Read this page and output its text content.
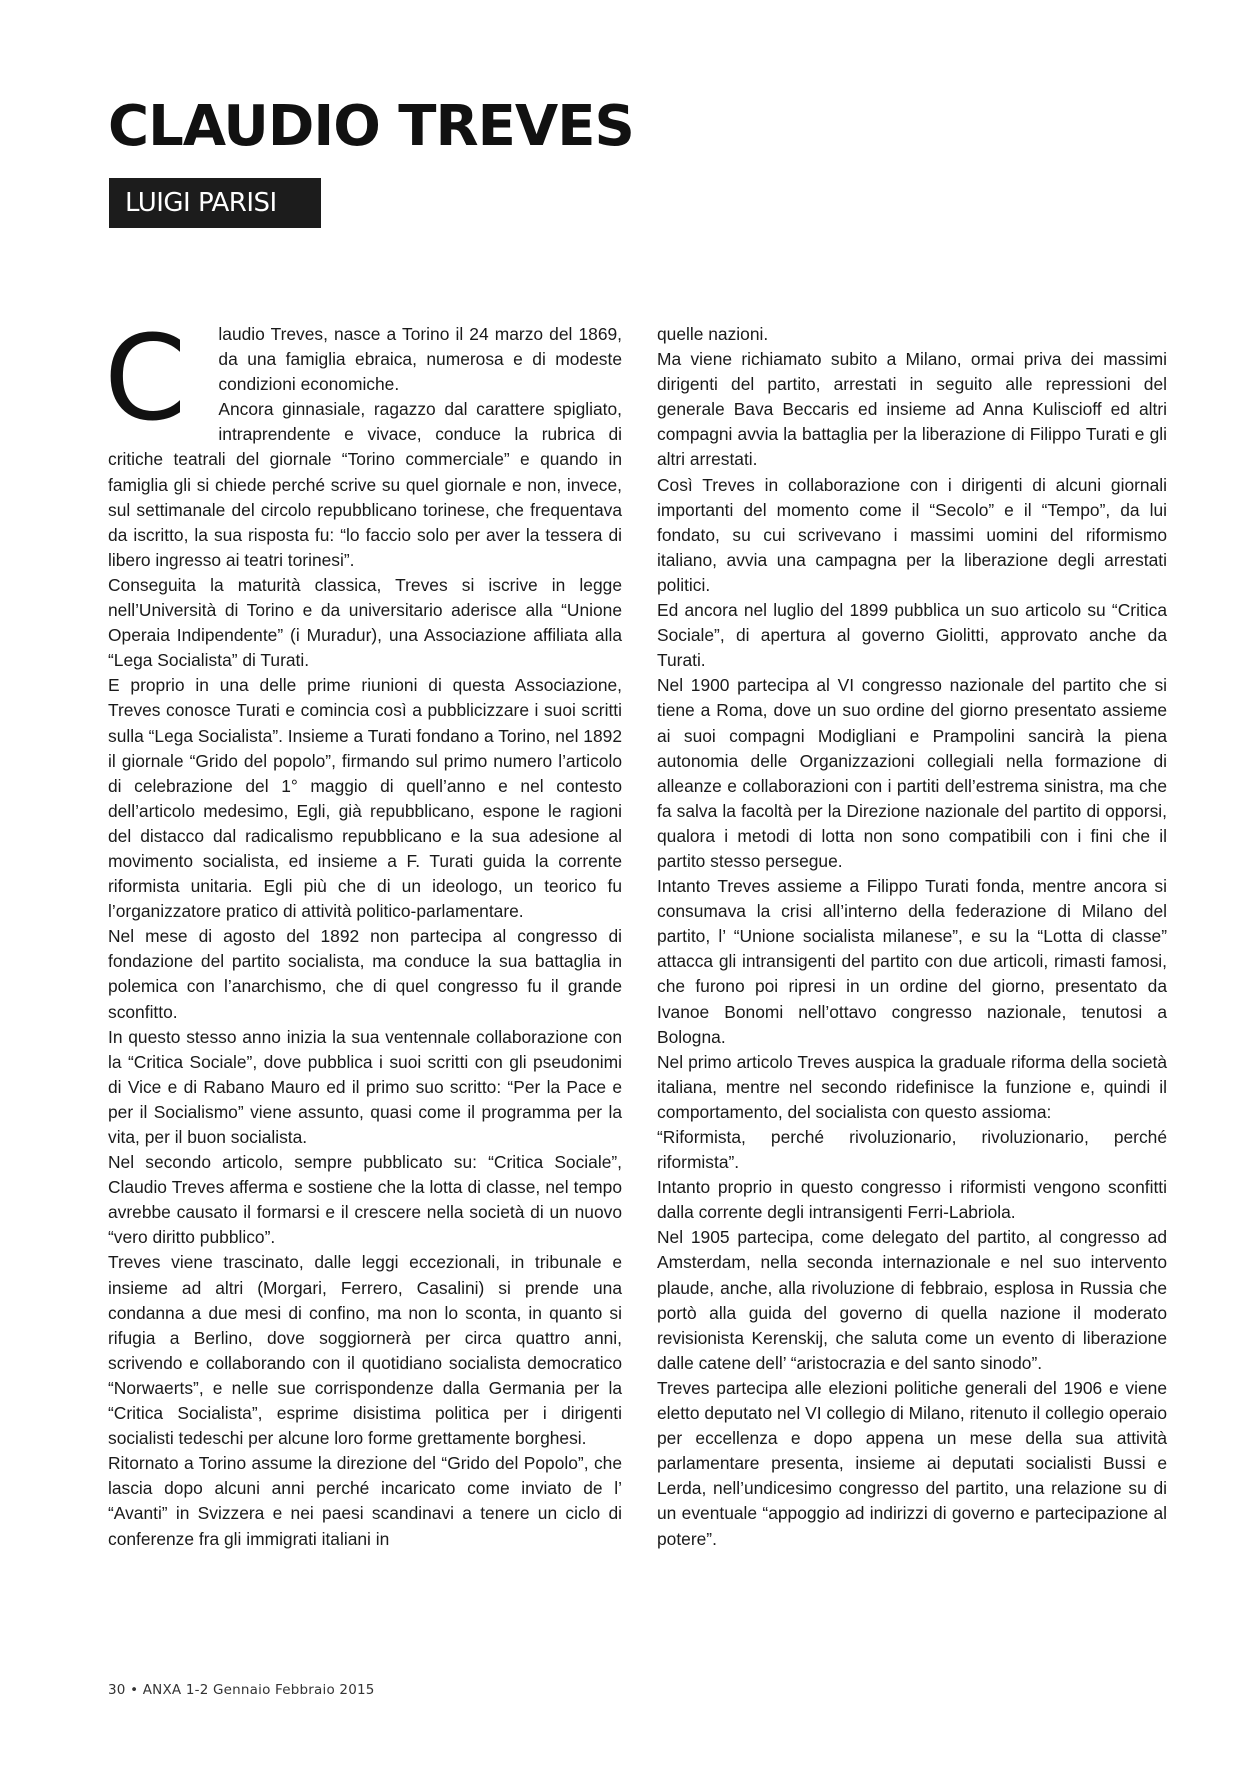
CLAUDIO TREVES
LUIGI PARISI

C laudio Treves, nasce a Torino il 24 marzo del 1869, da una famiglia ebraica, numerosa e di modeste condizioni economiche.

Ancora ginnasiale, ragazzo dal carattere spigliato, intraprendente e vivace, conduce la rubrica di critiche teatrali del giornale “Torino commerciale” e quando in famiglia gli si chiede perché scrive su quel giornale e non, invece, sul settimanale del circolo repubblicano torinese, che frequentava da iscritto, la sua risposta fu: “lo faccio solo per aver la tessera di libero ingresso ai teatri torinesi”.

Conseguita la maturità classica, Treves si iscrive in legge nell’Università di Torino e da universitario aderisce alla “Unione Operaia Indipendente” (i Muradur), una Associazione affiliata alla “Lega Socialista” di Turati.

E proprio in una delle prime riunioni di questa Associazione, Treves conosce Turati e comincia così a pubblicizzare i suoi scritti sulla “Lega Socialista”. Insieme a Turati fondano a Torino, nel 1892 il giornale “Grido del popolo”, firmando sul primo numero l’articolo di celebrazione del 1° maggio di quell’anno e nel contesto dell’articolo medesimo, Egli, già repubblicano, espone le ragioni del distacco dal radicalismo repubblicano e la sua adesione al movimento socialista, ed insieme a F. Turati guida la corrente riformista unitaria. Egli più che di un ideologo, un teorico fu l’organizzatore pratico di attività politico-parlamentare.

Nel mese di agosto del 1892 non partecipa al congresso di fondazione del partito socialista, ma conduce la sua battaglia in polemica con l’anarchismo, che di quel congresso fu il grande sconfitto.

In questo stesso anno inizia la sua ventennale collaborazione con la “Critica Sociale”, dove pubblica i suoi scritti con gli pseudonimi di Vice e di Rabano Mauro ed il primo suo scritto: “Per la Pace e per il Socialismo” viene assunto, quasi come il programma per la vita, per il buon socialista.

Nel secondo articolo, sempre pubblicato su: “Critica Sociale”, Claudio Treves afferma e sostiene che la lotta di classe, nel tempo avrebbe causato il formarsi e il crescere nella società di un nuovo “vero diritto pubblico”.

Treves viene trascinato, dalle leggi eccezionali, in tribunale e insieme ad altri (Morgari, Ferrero, Casalini) si prende una condanna a due mesi di confino, ma non lo sconta, in quanto si rifugia a Berlino, dove soggiornerà per circa quattro anni, scrivendo e collaborando con il quotidiano socialista democratico “Norwaerts”, e nelle sue corrispondenze dalla Germania per la “Critica Socialista”, esprime disistima politica per i dirigenti socialisti tedeschi per alcune loro forme grettamente borghesi.

Ritornato a Torino assume la direzione del “Grido del Popolo”, che lascia dopo alcuni anni perché incaricato come inviato de l’ “Avanti” in Svizzera e nei paesi scandinavi a tenere un ciclo di conferenze fra gli immigrati italiani in

quelle nazioni.

Ma viene richiamato subito a Milano, ormai priva dei massimi dirigenti del partito, arrestati in seguito alle repressioni del generale Bava Beccaris ed insieme ad Anna Kuliscioff ed altri compagni avvia la battaglia per la liberazione di Filippo Turati e gli altri arrestati.

Così Treves in collaborazione con i dirigenti di alcuni giornali importanti del momento come il “Secolo” e il “Tempo”, da lui fondato, su cui scrivevano i massimi uomini del riformismo italiano, avvia una campagna per la liberazione degli arrestati politici.

Ed ancora nel luglio del 1899 pubblica un suo articolo su “Critica Sociale”, di apertura al governo Giolitti, approvato anche da Turati.

Nel 1900 partecipa al VI congresso nazionale del partito che si tiene a Roma, dove un suo ordine del giorno presentato assieme ai suoi compagni Modigliani e Prampolini sancirà la piena autonomia delle Organizzazioni collegiali nella formazione di alleanze e collaborazioni con i partiti dell’estrema sinistra, ma che fa salva la facoltà per la Direzione nazionale del partito di opporsi, qualora i metodi di lotta non sono compatibili con i fini che il partito stesso persegue.

Intanto Treves assieme a Filippo Turati fonda, mentre ancora si consumava la crisi all’interno della federazione di Milano del partito, l’ “Unione socialista milanese”, e su la “Lotta di classe” attacca gli intransigenti del partito con due articoli, rimasti famosi, che furono poi ripresi in un ordine del giorno, presentato da Ivanoe Bonomi nell’ottavo congresso nazionale, tenutosi a Bologna.

Nel primo articolo Treves auspica la graduale riforma della società italiana, mentre nel secondo ridefinisce la funzione e, quindi il comportamento, del socialista con questo assioma:

“Riformista, perché rivoluzionario, rivoluzionario, perché riformista”.

Intanto proprio in questo congresso i riformisti vengono sconfitti dalla corrente degli intransigenti Ferri-Labriola.

Nel 1905 partecipa, come delegato del partito, al congresso ad Amsterdam, nella seconda internazionale e nel suo intervento plaude, anche, alla rivoluzione di febbraio, esplosa in Russia che portò alla guida del governo di quella nazione il moderato revisionista Kerenskij, che saluta come un evento di liberazione dalle catene dell’ “aristocrazia e del santo sinodo”.

Treves partecipa alle elezioni politiche generali del 1906 e viene eletto deputato nel VI collegio di Milano, ritenuto il collegio operaio per eccellenza e dopo appena un mese della sua attività parlamentare presenta, insieme ai deputati socialisti Bussi e Lerda, nell’undicesimo congresso del partito, una relazione su di un eventuale “appoggio ad indirizzi di governo e partecipazione al potere”.

30 • ANXA 1-2 Gennaio Febbraio 2015
